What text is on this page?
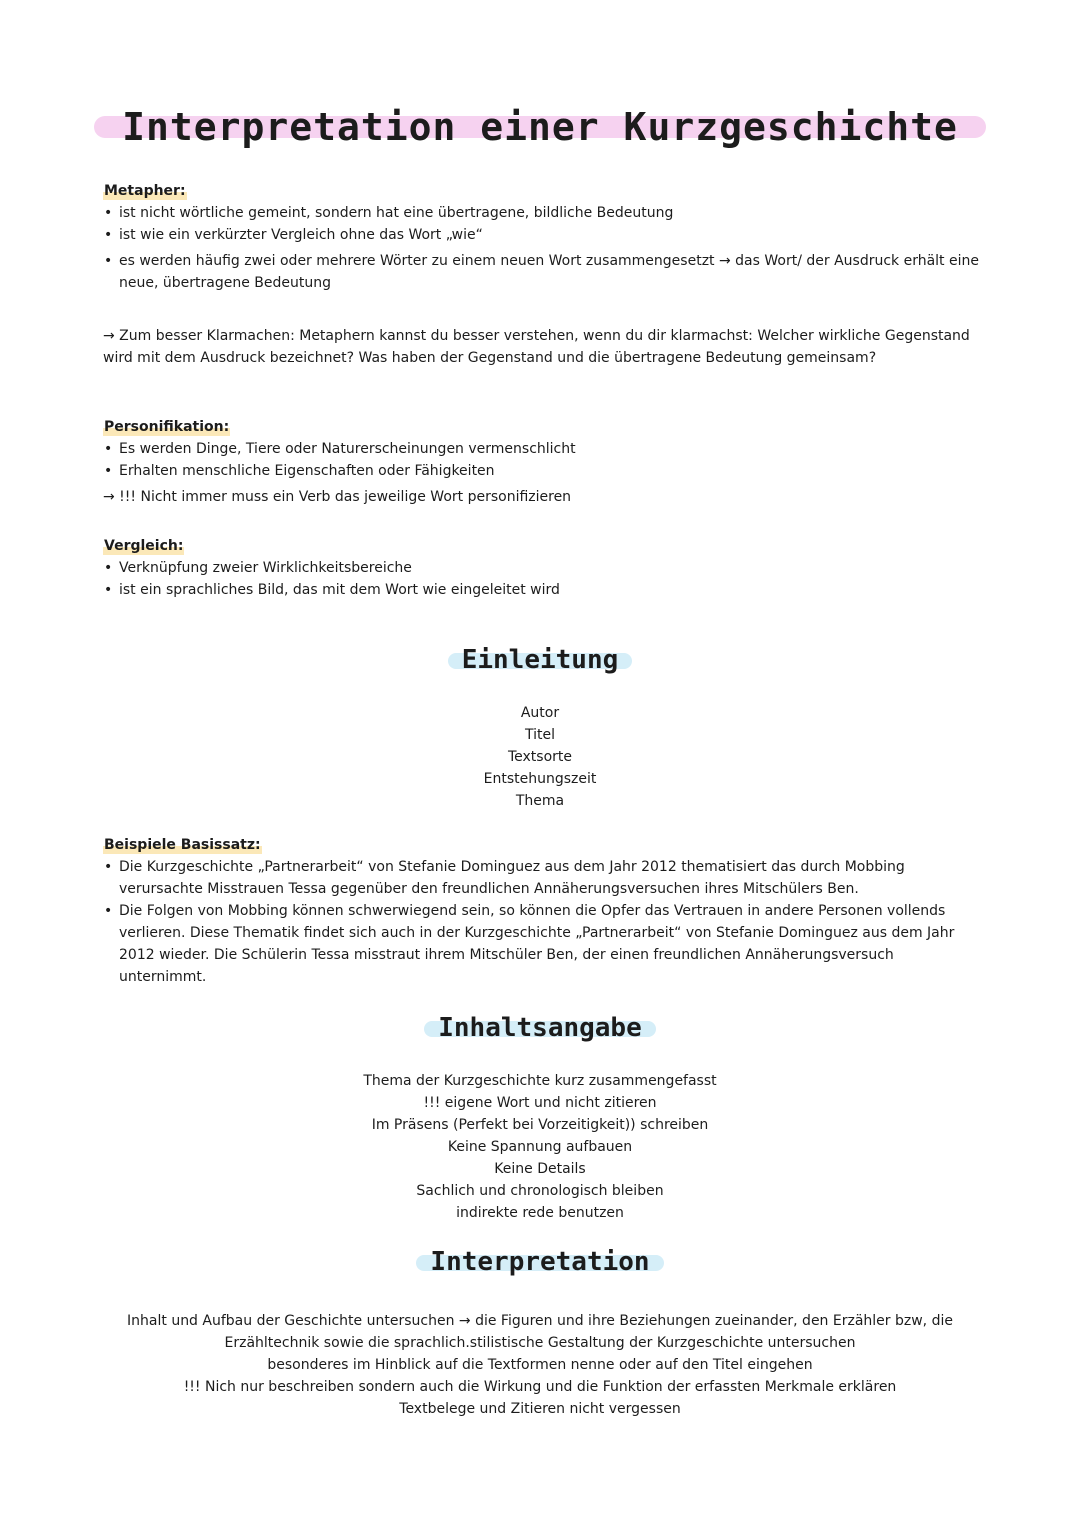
Interpretation einer Kurzgeschichte
Metapher:
• ist nicht wörtliche gemeint, sondern hat eine übertragene, bildliche Bedeutung
• ist wie ein verkürzter Vergleich ohne das Wort „wie“
• es werden häufig zwei oder mehrere Wörter zu einem neuen Wort zusammengesetzt → das Wort/ der Ausdruck erhält eine neue, übertragene Bedeutung

→ Zum besser Klarmachen: Metaphern kannst du besser verstehen, wenn du dir klarmachst: Welcher wirkliche Gegenstand wird mit dem Ausdruck bezeichnet? Was haben der Gegenstand und die übertragene Bedeutung gemeinsam?

Personifikation:
• Es werden Dinge, Tiere oder Naturerscheinungen vermenschlicht
• Erhalten menschliche Eigenschaften oder Fähigkeiten

→ !!! Nicht immer muss ein Verb das jeweilige Wort personifizieren

Vergleich:
• Verknüpfung zweier Wirklichkeitsbereiche
• ist ein sprachliches Bild, das mit dem Wort wie eingeleitet wird
Einleitung
Autor
Titel
Textsorte
Entstehungszeit
Thema
Beispiele Basissatz:
• Die Kurzgeschichte „Partnerarbeit“ von Stefanie Dominguez aus dem Jahr 2012 thematisiert das durch Mobbing verursachte Misstrauen Tessa gegenüber den freundlichen Annäherungsversuchen ihres Mitschülers Ben.
• Die Folgen von Mobbing können schwerwiegend sein, so können die Opfer das Vertrauen in andere Personen vollends verlieren. Diese Thematik findet sich auch in der Kurzgeschichte „Partnerarbeit“ von Stefanie Dominguez aus dem Jahr 2012 wieder. Die Schülerin Tessa misstraut ihrem Mitschüler Ben, der einen freundlichen Annäherungsversuch unternimmt.
Inhaltsangabe
Thema der Kurzgeschichte kurz zusammengefasst
!!! eigene Wort und nicht zitieren
Im Präsens (Perfekt bei Vorzeitigkeit)) schreiben
Keine Spannung aufbauen
Keine Details
Sachlich und chronologisch bleiben
indirekte rede benutzen
Interpretation

Inhalt und Aufbau der Geschichte untersuchen → die Figuren und ihre Beziehungen zueinander, den Erzähler bzw, die Erzähltechnik sowie die sprachlich.stilistische Gestaltung der Kurzgeschichte untersuchen

besonderes im Hinblick auf die Textformen nenne oder auf den Titel eingehen

!!! Nich nur beschreiben sondern auch die Wirkung und die Funktion der erfassten Merkmale erklären

Textbelege und Zitieren nicht vergessen
